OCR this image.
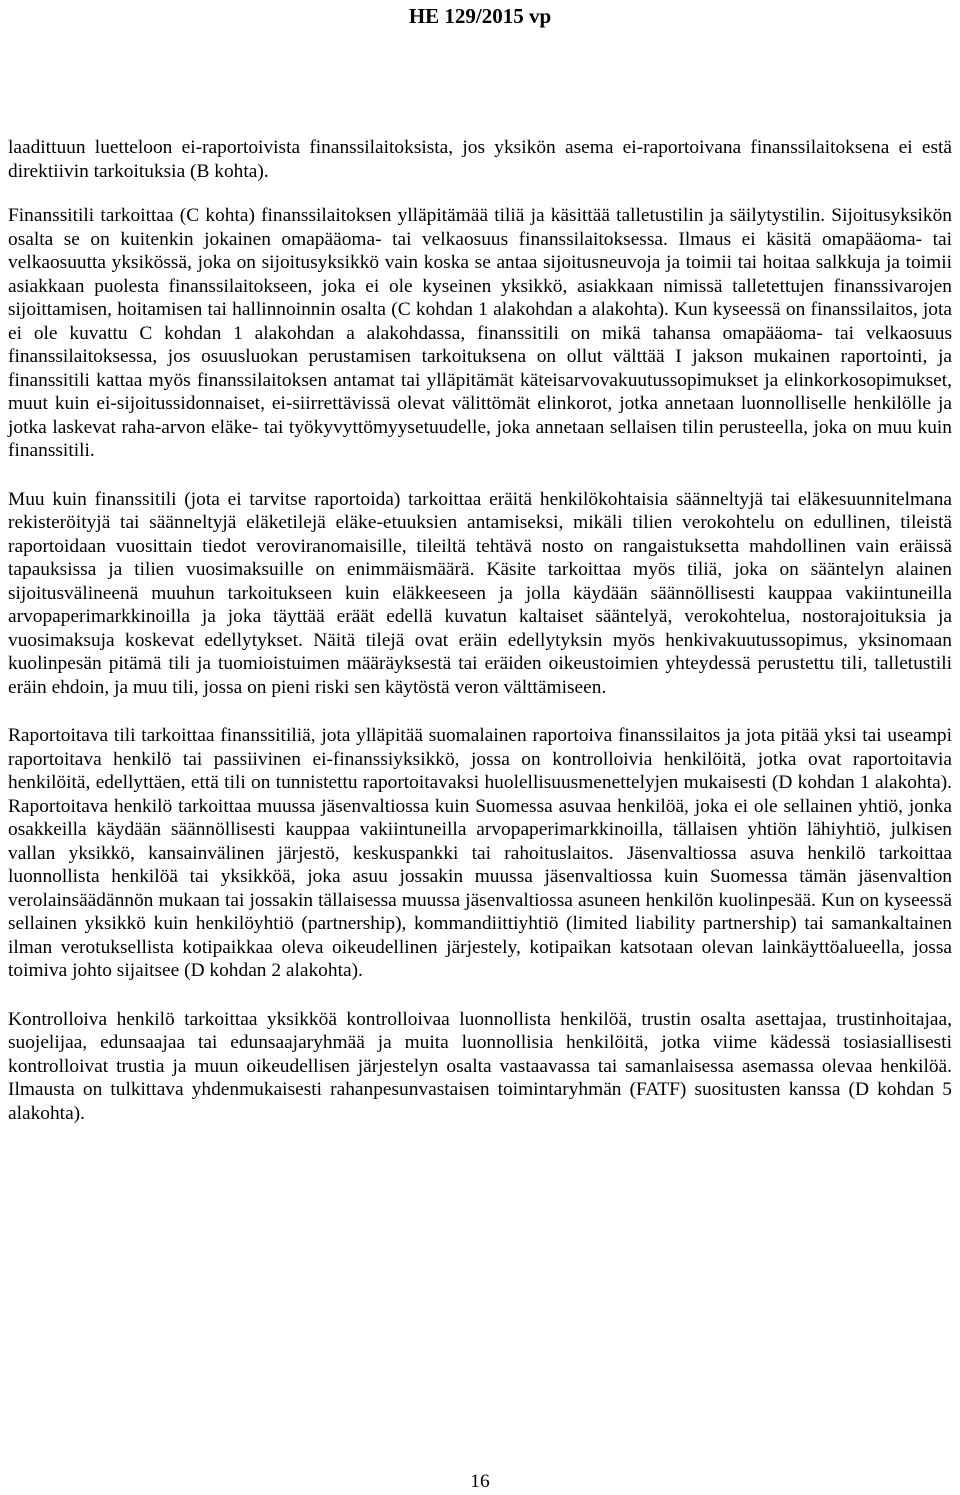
HE 129/2015 vp

laadittuun luetteloon ei-raportoivista finanssilaitoksista, jos yksikön asema ei-raportoivana finanssilaitoksena ei estä direktiivin tarkoituksia (B kohta).

Finanssitili tarkoittaa (C kohta) finanssilaitoksen ylläpitämää tiliä ja käsittää talletustilin ja säilytystilin. Sijoitusyksikön osalta se on kuitenkin jokainen omapääoma- tai velkaosuus finanssilaitoksessa. Ilmaus ei käsitä omapääoma- tai velkaosuutta yksikössä, joka on sijoitusyksikkö vain koska se antaa sijoitusneuvoja ja toimii tai hoitaa salkkuja ja toimii asiakkaan puolesta finanssilaitokseen, joka ei ole kyseinen yksikkö, asiakkaan nimissä talletettujen finanssivarojen sijoittamisen, hoitamisen tai hallinnoinnin osalta (C kohdan 1 alakohdan a alakohta). Kun kyseessä on finanssilaitos, jota ei ole kuvattu C kohdan 1 alakohdan a alakohdassa, finanssitili on mikä tahansa omapääoma- tai velkaosuus finanssilaitoksessa, jos osuusluokan perustamisen tarkoituksena on ollut välttää I jakson mukainen raportointi, ja finanssitili kattaa myös finanssilaitoksen antamat tai ylläpitämät käteisarvovakuutussopimukset ja elinkorkosopimukset, muut kuin ei-sijoitussidonnaiset, ei-siirrettävissä olevat välittömät elinkorot, jotka annetaan luonnolliselle henkilölle ja jotka laskevat raha-arvon eläke- tai työkyvyttömyysetuudelle, joka annetaan sellaisen tilin perusteella, joka on muu kuin finanssitili.

Muu kuin finanssitili (jota ei tarvitse raportoida) tarkoittaa eräitä henkilökohtaisia säänneltyjä tai eläkesuunnitelmana rekisteröityjä tai säänneltyjä eläketilejä eläke-etuuksien antamiseksi, mikäli tilien verokohtelu on edullinen, tileistä raportoidaan vuosittain tiedot veroviranomaisille, tileiltä tehtävä nosto on rangaistuksetta mahdollinen vain eräissä tapauksissa ja tilien vuosimaksuille on enimmäismäärä. Käsite tarkoittaa myös tiliä, joka on sääntelyn alainen sijoitusvälineenä muuhun tarkoitukseen kuin eläkkeeseen ja jolla käydään säännöllisesti kauppaa vakiintuneilla arvopaperimarkkinoilla ja joka täyttää eräät edellä kuvatun kaltaiset sääntelyä, verokohtelua, nostorajoituksia ja vuosimaksuja koskevat edellytykset. Näitä tilejä ovat eräin edellytyksin myös henkivakuutussopimus, yksinomaan kuolinpesän pitämä tili ja tuomioistuimen määräyksestä tai eräiden oikeustoimien yhteydessä perustettu tili, talletustili eräin ehdoin, ja muu tili, jossa on pieni riski sen käytöstä veron välttämiseen.

Raportoitava tili tarkoittaa finanssitiliä, jota ylläpitää suomalainen raportoiva finanssilaitos ja jota pitää yksi tai useampi raportoitava henkilö tai passiivinen ei-finanssiyksikkö, jossa on kontrolloivia henkilöitä, jotka ovat raportoitavia henkilöitä, edellyttäen, että tili on tunnistettu raportoitavaksi huolellisuusmenettelyjen mukaisesti (D kohdan 1 alakohta). Raportoitava henkilö tarkoittaa muussa jäsenvaltiossa kuin Suomessa asuvaa henkilöä, joka ei ole sellainen yhtiö, jonka osakkeilla käydään säännöllisesti kauppaa vakiintuneilla arvopaperimarkkinoilla, tällaisen yhtiön lähiyhtiö, julkisen vallan yksikkö, kansainvälinen järjestö, keskuspankki tai rahoituslaitos. Jäsenvaltiossa asuva henkilö tarkoittaa luonnollista henkilöä tai yksikköä, joka asuu jossakin muussa jäsenvaltiossa kuin Suomessa tämän jäsenvaltion verolainsäädännön mukaan tai jossakin tällaisessa muussa jäsenvaltiossa asuneen henkilön kuolinpesää. Kun on kyseessä sellainen yksikkö kuin henkilöyhtiö (partnership), kommandiittiyhtiö (limited liability partnership) tai samankaltainen ilman verotuksellista kotipaikkaa oleva oikeudellinen järjestely, kotipaikan katsotaan olevan lainkäyttöalueella, jossa toimiva johto sijaitsee (D kohdan 2 alakohta).

Kontrolloiva henkilö tarkoittaa yksikköä kontrolloivaa luonnollista henkilöä, trustin osalta asettajaa, trustinhoitajaa, suojelijaa, edunsaajaa tai edunsaajaryhmää ja muita luonnollisia henkilöitä, jotka viime kädessä tosiasiallisesti kontrolloivat trustia ja muun oikeudellisen järjestelyn osalta vastaavassa tai samanlaisessa asemassa olevaa henkilöä. Ilmausta on tulkittava yhdenmukaisesti rahanpesunvastaisen toimintaryhmän (FATF) suositusten kanssa (D kohdan 5 alakohta).

16
